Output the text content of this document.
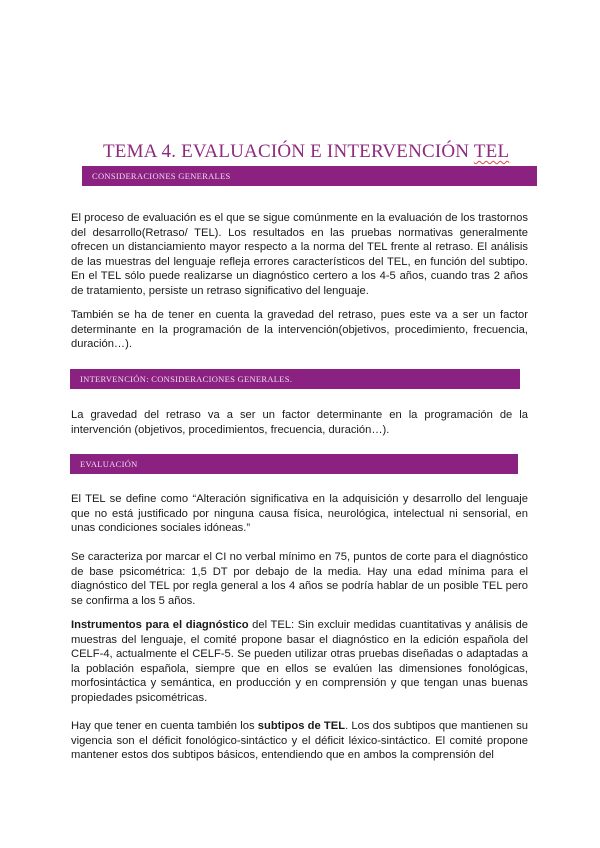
TEMA 4. EVALUACIÓN E INTERVENCIÓN TEL
CONSIDERACIONES GENERALES

El proceso de evaluación es el que se sigue comúnmente en la evaluación de los trastornos del desarrollo(Retraso/ TEL). Los resultados en las pruebas normativas generalmente ofrecen un distanciamiento mayor respecto a la norma del TEL frente al retraso. El análisis de las muestras del lenguaje refleja errores característicos del TEL, en función del subtipo. En el TEL sólo puede realizarse un diagnóstico certero a los 4-5 años, cuando tras 2 años de tratamiento, persiste un retraso significativo del lenguaje.

También se ha de tener en cuenta la gravedad del retraso, pues este va a ser un factor determinante en la programación de la intervención(objetivos, procedimiento, frecuencia, duración…).

INTERVENCIÓN: CONSIDERACIONES GENERALES.

La gravedad del retraso va a ser un factor determinante en la programación de la intervención (objetivos, procedimientos, frecuencia, duración…).

EVALUACIÓN

El TEL se define como “Alteración significativa en la adquisición y desarrollo del lenguaje que no está justificado por ninguna causa física, neurológica, intelectual ni sensorial, en unas condiciones sociales idóneas.”

Se caracteriza por marcar el CI no verbal mínimo en 75, puntos de corte para el diagnóstico de base psicométrica: 1,5 DT por debajo de la media. Hay una edad mínima para el diagnóstico del TEL por regla general a los 4 años se podría hablar de un posible TEL pero se confirma a los 5 años.

Instrumentos para el diagnóstico del TEL: Sin excluir medidas cuantitativas y análisis de muestras del lenguaje, el comité propone basar el diagnóstico en la edición española del CELF-4, actualmente el CELF-5. Se pueden utilizar otras pruebas diseñadas o adaptadas a la población española, siempre que en ellos se evalúen las dimensiones fonológicas, morfosintáctica y semántica, en producción y en comprensión y que tengan unas buenas propiedades psicométricas.

Hay que tener en cuenta también los subtipos de TEL. Los dos subtipos que mantienen su vigencia son el déficit fonológico-sintáctico y el déficit léxico-sintáctico. El comité propone mantener estos dos subtipos básicos, entendiendo que en ambos la comprensión del
